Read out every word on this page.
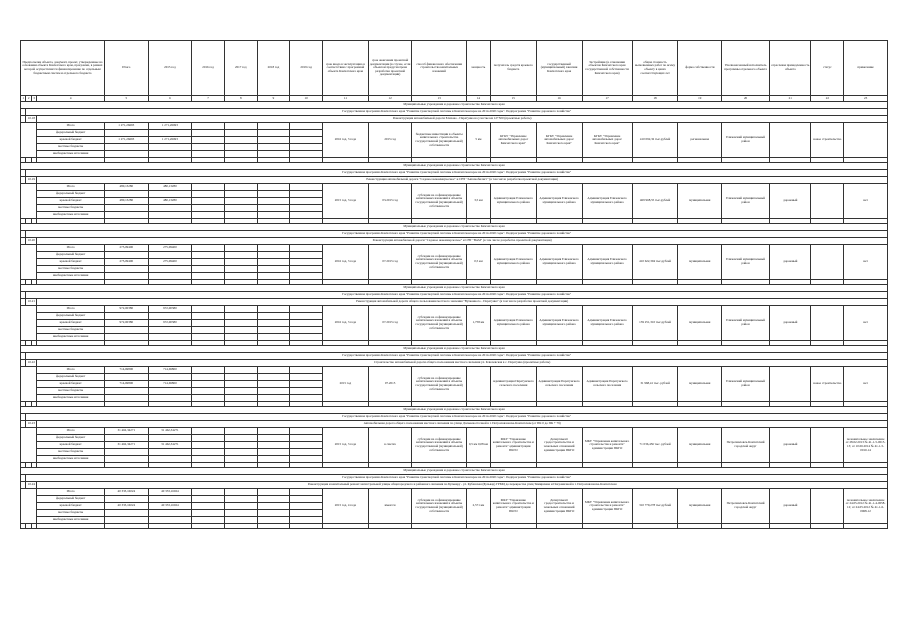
Предпосылки объекта, документ, проект, утвержденные на основании объекта Камчатского края, программа, в рамках которой осуществляется финансирование по отдельным бюджетным сметам и отдельного бюджета				Итого	2015 год	2016 год	2017 год	2018 год	2019 год	срок ввода в эксплуатацию в соответствии с программой объекта Камчатского края	срок окончания проектной документации (в случае, если объектом предусмотрена разработка проектной документации)	способ финансового обеспечения строительства капитальных вложений	мощность	получатель средств краевого бюджета	государственный (муниципальный) заказчик Камчатского края	Застройщик (в отношении объектов Камчатского края государственной собственности Камчатского края)	общая стоимость выполненных работ по всему объекту в ценах соответствующих лет	форма собственности	Уполномоченный исполнитель программы отдельного объекта	отраслевая принадлежность объекта	статус	примечание
1	2	3	4	5	6	7	8	9	10	11	12	13	14	15	16	17	18	19	20	21	22	23
Муниципальные учреждения и дорожное строительство Камчатского края																						
	Государственная программа Камчатского края "Развитие транспортной системы в Камчатском крае на 2014-2020 годы". Подпрограмма "Развитие дорожного хозяйства"																					
	10.18		Реконструкция автомобильной дороги Елизово - Паратунка на участке км 12+500 (проектные работы)																			
			Итого	1 271,26693	1 271,26693					2016 год, 3 года	2015 год	бюджетные инвестиции в объекты капитального строительства государственной (муниципальной) собственности	5 км	КГКУ "Управление автомобильных дорог Камчатского края"	КГКУ "Управление автомобильных дорог Камчатского края"	КГКУ "Управление автомобильных дорог Камчатского края"	410 092,32 тыс.рублей	региональная	Елизовский муниципальный район		новое строительство	
			федеральный бюджет																			
			краевой бюджет	1 271,26693	1 271,26693																	
			местные бюджеты																			
			внебюджетные источники																			

Муниципальные учреждения и дорожное строительство Камчатского края																						
	Государственная программа Камчатского края "Развитие транспортной системы в Камчатском крае на 2014-2020 годы". Подпрограмма "Развитие дорожного хозяйства"																					
	10.19		Реконструкция автомобильной дороги "Садовое некоммерческое" и СНТ "Автомобилист" (в том числе разработка проектной документации)																			
			Итого	480,13280	480,13280					2015 год, 3 года	03.2015 год	субсидии на софинансирование капитальных вложений в объекты государственной (муниципальной) собственности	3,5 км	Администрация Елизовского муниципального района	Администрация Елизовского муниципального района	Администрация Елизовского муниципального района	469 968,55 тыс.рублей	муниципальная	Елизовский муниципальный район	дорожный		нет
			федеральный бюджет																			
			краевой бюджет	480,13280	480,13280																	
			местные бюджеты																			
			внебюджетные источники																			

Муниципальные учреждения и дорожное строительство Камчатского края																						
	Государственная программа Камчатского края "Развитие транспортной системы в Камчатском крае на 2014-2020 годы". Подпрограмма "Развитие дорожного хозяйства"																					
	10.20		Реконструкция автомобильной дороги "Садовое некоммерческое" и СНТ "ВАМ" (в том числе разработка проектной документации)																			
			Итого	275,09400	275,09400					2016 год, 3 года	07.2015 год	субсидии на софинансирование капитальных вложений в объекты государственной (муниципальной) собственности	0,5 км	Администрация Елизовского муниципального района	Администрация Елизовского муниципального района	Администрация Елизовского муниципального района	410 622,394 тыс.рублей	муниципальная	Елизовский муниципальный район	дорожный		нет
			федеральный бюджет																			
			краевой бюджет	275,09400	275,09400																	
			местные бюджеты																			
			внебюджетные источники																			

Муниципальные учреждения и дорожное строительство Камчатского края																						
	Государственная программа Камчатского края "Развитие транспортной системы в Камчатском крае на 2014-2020 годы". Подпрограмма "Развитие дорожного хозяйства"																					
	10.21		Реконструкция автомобильной дороги общего пользования местного значения "Вулканного - Паратунка" (в том числе разработка проектной документации)																			
			Итого	972,00380	972,00380					2016 год, 3 года	07.2015 год	субсидии на софинансирование капитальных вложений в объекты государственной (муниципальной) собственности	1,758 км	Администрация Елизовского муниципального района	Администрация Елизовского муниципального района	Администрация Елизовского муниципального района	139 251,310 тыс.рублей	муниципальная	Елизовский муниципальный район	дорожный		нет
			федеральный бюджет																			
			краевой бюджет	972,00380	972,00380																	
			местные бюджеты																			
			внебюджетные источники																			

Муниципальные учреждения и дорожное строительство Камчатского края																						
	Государственная программа Камчатского края "Развитие транспортной системы в Камчатском крае на 2014-2020 годы". Подпрограмма "Развитие дорожного хозяйства"																					
	10.22		Строительство автомобильной дороги общего пользования местного значения ул. Ключевская в с. Паратунка (проектные работы)																			
			Итого	714,69800	714,69800					2015 год	07.2015	субсидии на софинансирование капитальных вложений в объекты государственной (муниципальной) собственности		Администрация Паратунского сельского поселения	Администрация Паратунского сельского поселения	Администрация Паратунского сельского поселения	31 968,41 тыс. рублей	муниципальная	Елизовский муниципальный район		новое строительство	нет
			федеральный бюджет																			
			краевой бюджет	714,69800	714,69800																	
			местные бюджеты																			
			внебюджетные источники																			

Муниципальные учреждения и дорожное строительство Камчатского края																						
	Государственная программа Камчатского края "Развитие транспортной системы в Камчатском крае на 2014-2020 годы". Подпрограмма "Развитие дорожного хозяйства"																					
	10.23		Автомобильная дорога общего пользования местного значения по улице Дальневосточной в г. Петропавловске-Камчатском (от ПК 0 до ПК + 79)																			
			Итого	31 462,34271	31 462,34271					2015 год, 3 года	в сметах	субсидии на софинансирование капитальных вложений в объекты государственной (муниципальной) собственности	0,5 км 0,08 км	МКУ "Управление капитального строительства и ремонта" администрации ПКГО	Департамент градостроительства и земельных отношений администрации ПКГО	МКУ "Управление капитального строительства и ремонта" администрации ПКГО	71 036,456 тыс. рублей	муниципальная	Петропавловск-Камчатский городской округ	дорожный		положительное заключение от 28.02.2013 № 41-1-5-0015-13; от 10.06.2014 № 41-1-5-0010-14
			федеральный бюджет																			
			краевой бюджет	31 462,34271	31 462,34271																	
			местные бюджеты																			
			внебюджетные источники																			

Муниципальные учреждения и дорожное строительство Камчатского края																						
	Государственная программа Камчатского края "Развитие транспортной системы в Камчатском крае на 2014-2020 годы". Подпрограмма "Развитие дорожного хозяйства"																					
	10.24		Реконструкция и капитальный ремонт магистральной улицы общегородского и районного значения по Бульвару - ул. Кубанская (Бульвар) ГРМЦ до перекрестка улиц Тимирязева и Пограничной в г. Петропавловске-Камчатском																			
			Итого	40 333,16024	40 333,16024					2015 год, 4 года	имеется	субсидии на софинансирование капитальных вложений в объекты государственной (муниципальной) собственности	2,571 км	МКУ "Управление капитального строительства и ремонта" администрации ПКГО	Департамент градостроительства и земельных отношений администрации ПКГО	МКУ "Управление капитального строительства и ремонта" администрации ПКГО	310 779,278 тыс.рублей	муниципальная	Петропавловск-Камчатский городской округ	дорожный		положительное заключение от 24.05.2012 № 41-1-4-0058-12; от 24.05.2012 № 41-1-6-0068-12
			федеральный бюджет																			
			краевой бюджет	40 333,16024	40 333,16024																	
			местные бюджеты																			
			внебюджетные источники																			
